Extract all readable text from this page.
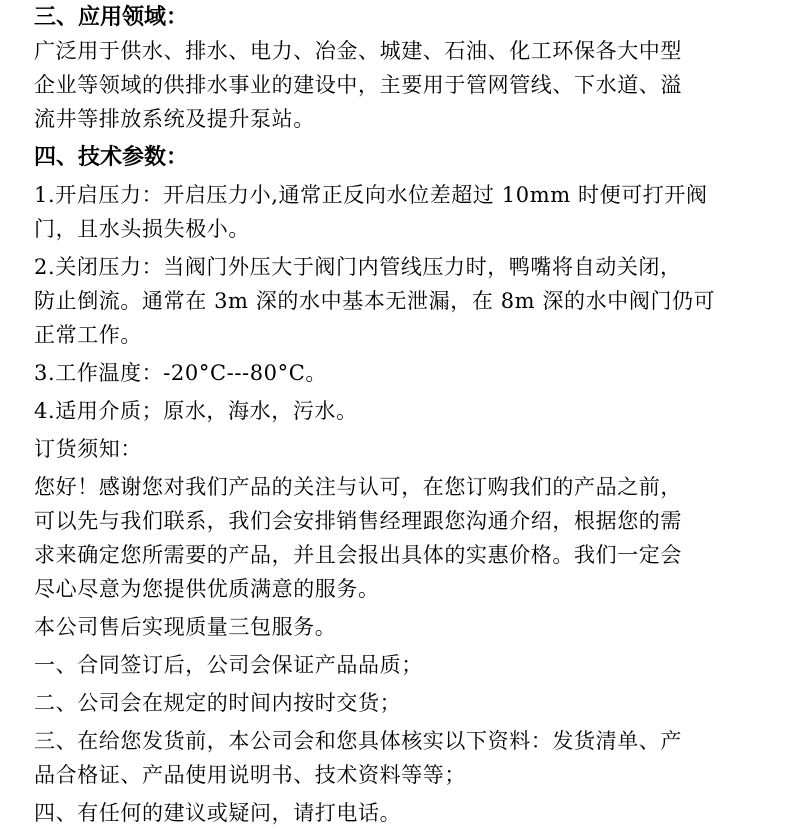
三、应用领域：
广泛用于供水、排水、电力、冶金、城建、石油、化工环保各大中型
企业等领域的供排水事业的建设中，主要用于管网管线、下水道、溢
流井等排放系统及提升泵站。
四、技术参数：
1.开启压力：开启压力小,通常正反向水位差超过 10mm 时便可打开阀
门，且水头损失极小。
2.关闭压力：当阀门外压大于阀门内管线压力时，鸭嘴将自动关闭，
防止倒流。通常在 3m 深的水中基本无泄漏，在 8m 深的水中阀门仍可
正常工作。
3.工作温度：-20°C---80°C。
4.适用介质；原水，海水，污水。
订货须知：
您好！感谢您对我们产品的关注与认可，在您订购我们的产品之前，
可以先与我们联系，我们会安排销售经理跟您沟通介绍，根据您的需
求来确定您所需要的产品，并且会报出具体的实惠价格。我们一定会
尽心尽意为您提供优质满意的服务。
本公司售后实现质量三包服务。
一、合同签订后，公司会保证产品品质；
二、公司会在规定的时间内按时交货；
三、在给您发货前，本公司会和您具体核实以下资料：发货清单、产
品合格证、产品使用说明书、技术资料等等；
四、有任何的建议或疑问，请打电话。
